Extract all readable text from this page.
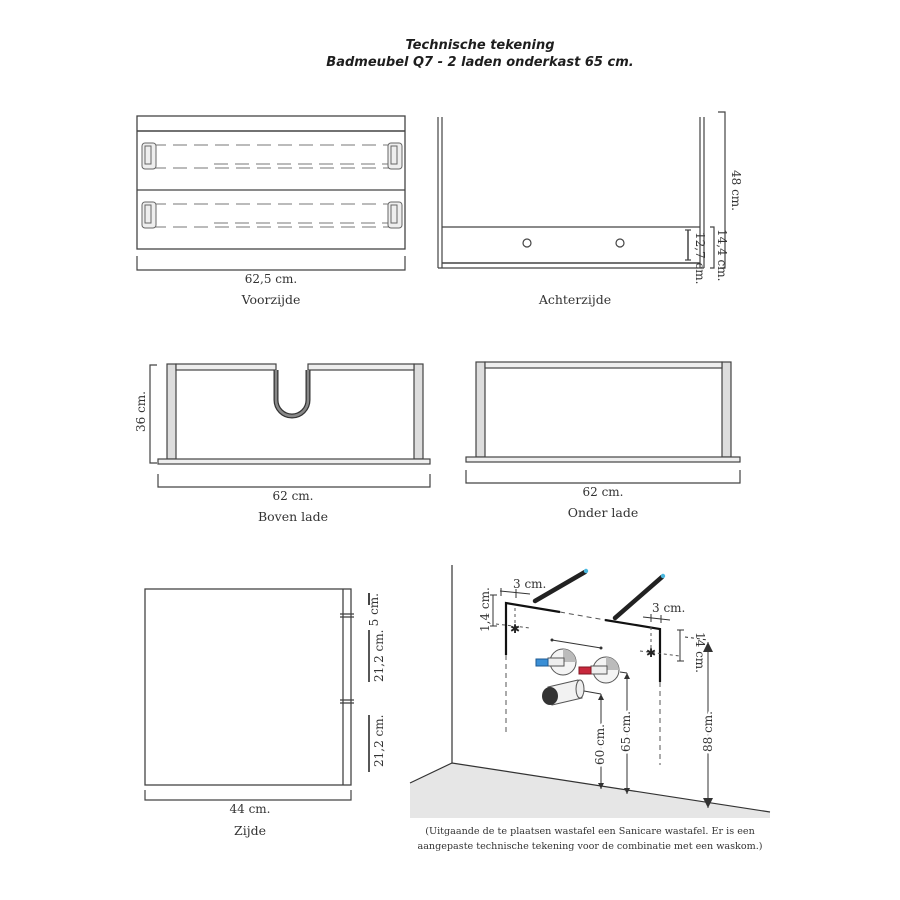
Technische tekening
Badmeubel Q7 - 2 laden onderkast 65 cm.
62,5 cm.
Voorzijde
12,7 cm. 14,4 cm.
48 cm.
Achterzijde
36 cm.
62 cm.
Boven lade
62 cm.
Onder lade
5 cm.
21,2 cm.
21,2 cm.
44 cm.
Zijde
✱
✱
3 cm.
3 cm.
1,4 cm.
14 cm.
60 cm. 65 cm.	88 cm.
(Uitgaande de te plaatsen wastafel een Sanicare wastafel. Er is een
aangepaste technische tekening voor de combinatie met een waskom.)
